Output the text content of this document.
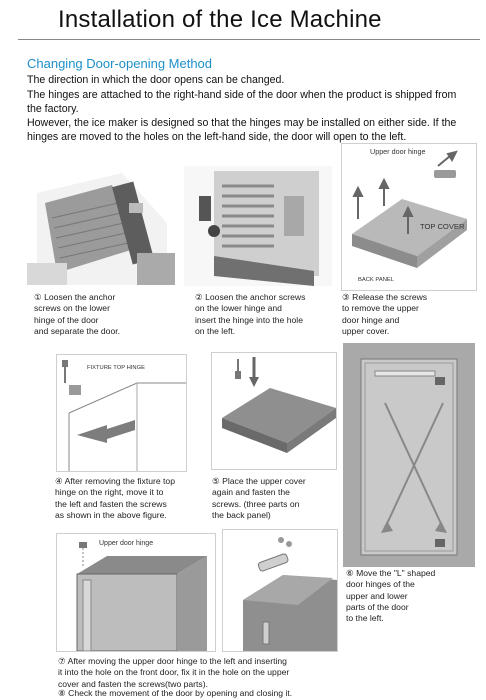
Installation of the Ice Machine
Changing Door-opening Method
The direction in which the door opens can be changed.
The hinges are attached to the right-hand side of the door when the product is shipped from
the factory.
However, the ice maker is designed so that the hinges may be installed on either side. If the
hinges are moved to the holes on the left-hand side, the door will open to the left.
① Loosen the anchor
screws on the lower
hinge of the door
and separate the door.
② Loosen the anchor screws
on the lower hinge and
insert the hinge into the hole
on the left.
Upper door hinge
TOP COVER
BACK PANEL
③ Release the screws
to remove the upper
door hinge and
upper cover.
FIXTURE TOP HINGE
④ After removing the fixture top
hinge on the right, move it to
the left and fasten the screws
as shown in the above figure.
⑤ Place the upper cover
again and fasten the
screws. (three parts on
the back panel)
⑥ Move the "L" shaped
door hinges of the
upper and lower
parts of the door
to the left.
Upper door hinge
⑦ After moving the upper door hinge to the left and inserting
it into the hole on the front door, fix it in the hole on the upper
cover and fasten the screws(two parts).
⑧ Check the movement of the door by opening and closing it.
